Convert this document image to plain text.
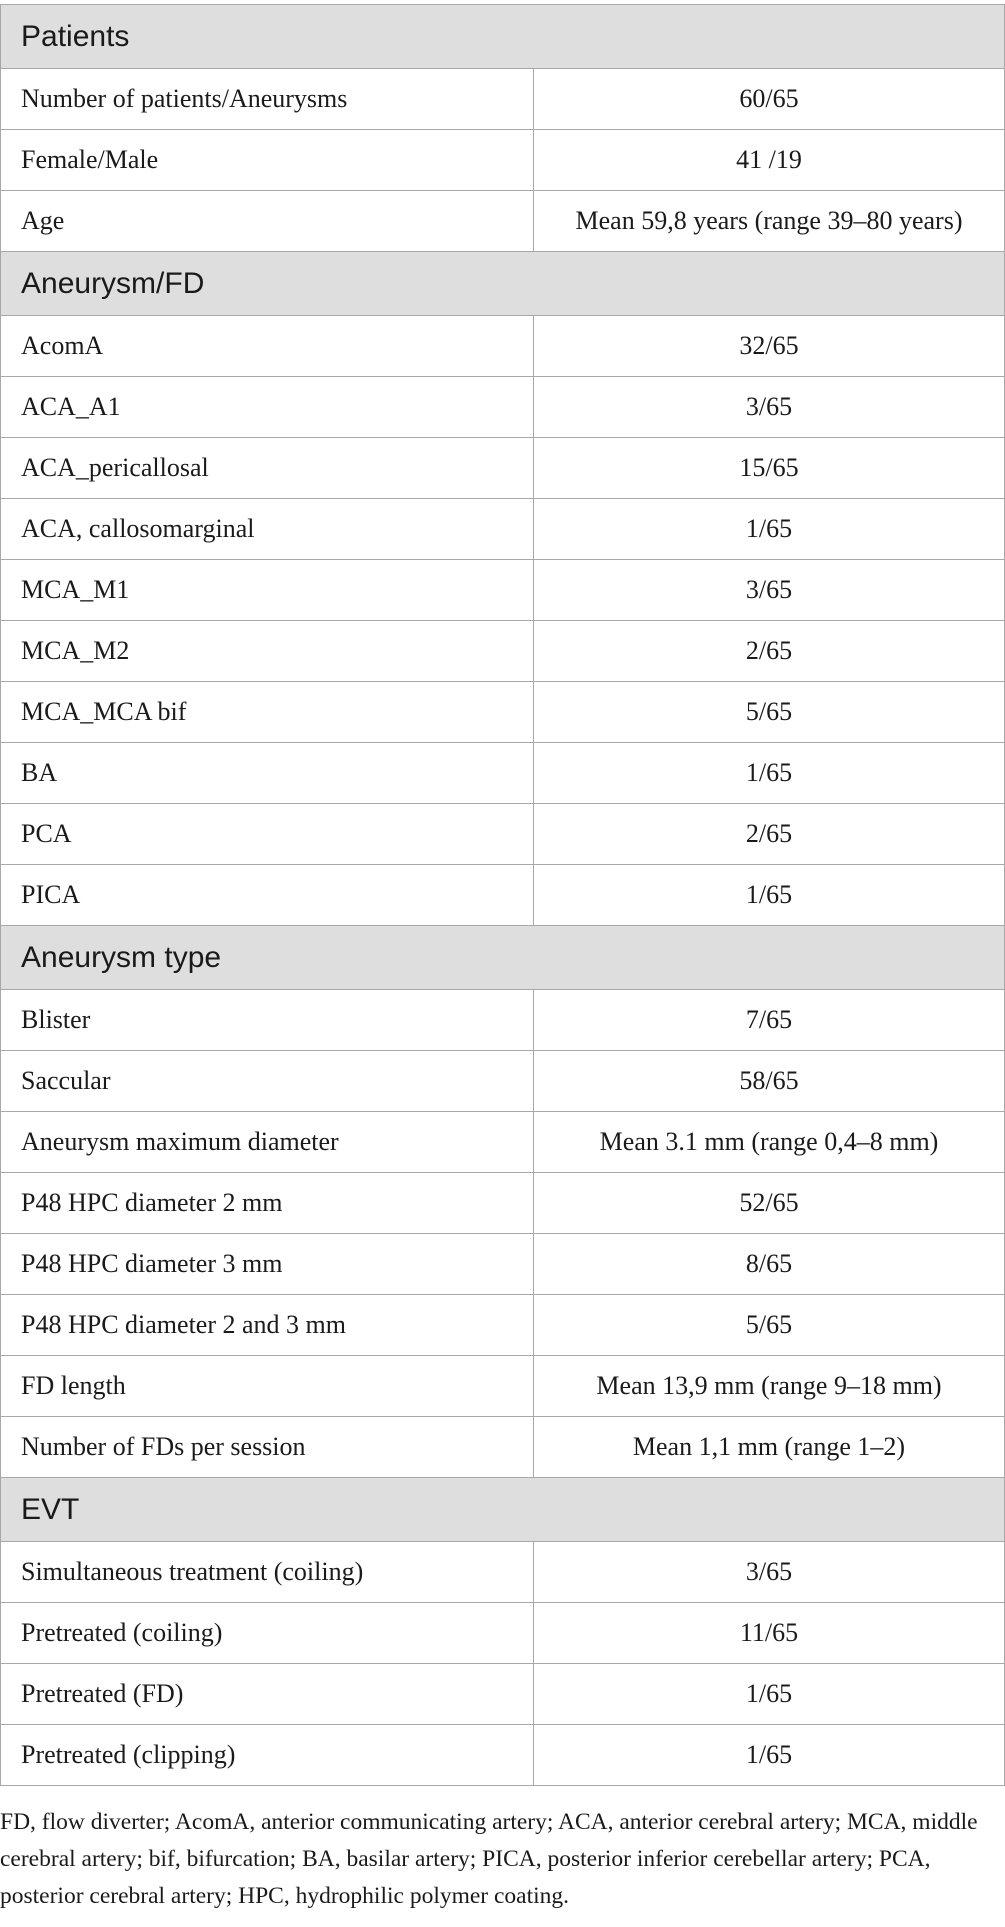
Patients	
Number of patients/Aneurysms	60/65
Female/Male	41 /19
Age	Mean 59,8 years (range 39–80 years)
Aneurysm/FD	
AcomA	32/65
ACA_A1	3/65
ACA_pericallosal	15/65
ACA, callosomarginal	1/65
MCA_M1	3/65
MCA_M2	2/65
MCA_MCA bif	5/65
BA	1/65
PCA	2/65
PICA	1/65
Aneurysm type	
Blister	7/65
Saccular	58/65
Aneurysm maximum diameter	Mean 3.1 mm (range 0,4–8 mm)
P48 HPC diameter 2 mm	52/65
P48 HPC diameter 3 mm	8/65
P48 HPC diameter 2 and 3 mm	5/65
FD length	Mean 13,9 mm (range 9–18 mm)
Number of FDs per session	Mean 1,1 mm (range 1–2)
EVT	
Simultaneous treatment (coiling)	3/65
Pretreated (coiling)	11/65
Pretreated (FD)	1/65
Pretreated (clipping)	1/65

FD, flow diverter; AcomA, anterior communicating artery; ACA, anterior cerebral artery; MCA, middle cerebral artery; bif, bifurcation; BA, basilar artery; PICA, posterior inferior cerebellar artery; PCA, posterior cerebral artery; HPC, hydrophilic polymer coating.
